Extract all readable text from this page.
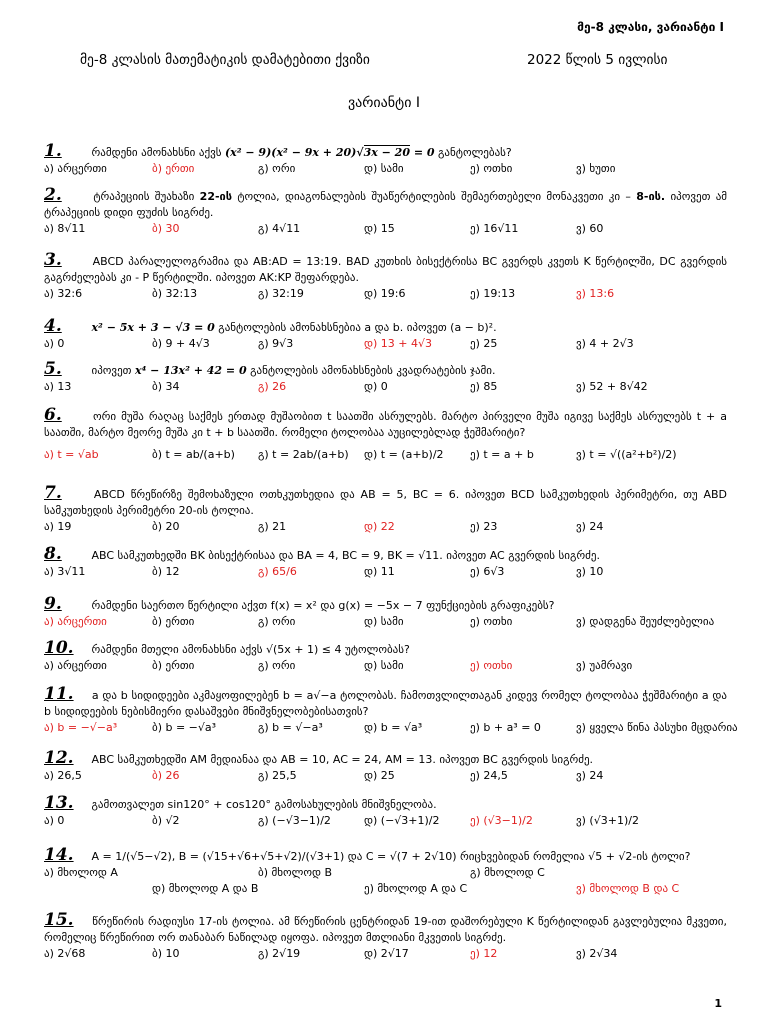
მე-8 კლასი, ვარიანტი I
მე-8 კლასის მათემატიკის დამატებითი ქვიზი	2022 წლის 5 ივლისი
ვარიანტი I
1.	რამდენი ამონახსნი აქვს (x² − 9)(x² − 9x + 20)√3x − 20 = 0 განტოლებას?
ა) არცერთი	ბ) ერთი	გ) ორი	დ) სამი	ე) ოთხი	ვ) ხუთი
2.	ტრაპეციის შუახაზი 22-ის ტოლია, დიაგონალების შუაწერტილების შემაერთებელი მონაკვეთი კი – 8-ის. იპოვეთ ამ ტრაპეციის დიდი ფუძის სიგრძე.
ა) 8√11	ბ) 30	გ) 4√11	დ) 15	ე) 16√11	ვ) 60
3.	ABCD პარალელოგრამია და AB:AD = 13:19. BAD კუთხის ბისექტრისა BC გვერდს კვეთს K წერტილში, DC გვერდის გაგრძელებას კი - P წერტილში. იპოვეთ AK:KP შეფარდება.
ა) 32:6	ბ) 32:13	გ) 32:19	დ) 19:6	ე) 19:13	ვ) 13:6
4.	x² − 5x + 3 − √3 = 0 განტოლების ამონახსნებია a და b. იპოვეთ (a − b)².
ა) 0	ბ) 9 + 4√3	გ) 9√3	დ) 13 + 4√3	ე) 25	ვ) 4 + 2√3
5.	იპოვეთ x⁴ − 13x² + 42 = 0 განტოლების ამონახსნების კვადრატების ჯამი.
ა) 13	ბ) 34	გ) 26	დ) 0	ე) 85	ვ) 52 + 8√42
6.	ორი მუშა რაღაც საქმეს ერთად მუშაობით t საათში ასრულებს. მარტო პირველი მუშა იგივე საქმეს ასრულებს t + a საათში, მარტო მეორე მუშა კი t + b საათში. რომელი ტოლობაა აუცილებლად ჭეშმარიტი?
ა) t = √ab	ბ) t = ab/(a+b) გ) t = 2ab/(a+b) დ) t = (a+b)/2 ე) t = a + b	ვ) t = √((a²+b²)/2)
7.	ABCD წრეწირზე შემოხაზული ოთხკუთხედია და AB = 5, BC = 6. იპოვეთ BCD სამკუთხედის პერიმეტრი, თუ ABD სამკუთხედის პერიმეტრი 20-ის ტოლია.
ა) 19	ბ) 20	გ) 21	დ) 22	ე) 23	ვ) 24
8.	ABC სამკუთხედში BK ბისექტრისაა და BA = 4, BC = 9, BK = √11. იპოვეთ AC გვერდის სიგრძე.
ა) 3√11	ბ) 12	გ) 65/6	დ) 11	ე) 6√3	ვ) 10
9.	რამდენი საერთო წერტილი აქვთ f(x) = x² და g(x) = −5x − 7 ფუნქციების გრაფიკებს?
ა) არცერთი	ბ) ერთი	გ) ორი	დ) სამი	ე) ოთხი	ვ) დადგენა შეუძლებელია
10. რამდენი მთელი ამონახსნი აქვს √(5x + 1) ≤ 4 უტოლობას?
ა) არცერთი	ბ) ერთი	გ) ორი	დ) სამი	ე) ოთხი	ვ) უამრავი
11. a და b სიდიდეები აკმაყოფილებენ b = a√−a ტოლობას. ჩამოთვლილთაგან კიდევ რომელ ტოლობაა ჭეშმარიტი a და b სიდიდეების ნებისმიერი დასაშვები მნიშვნელობებისათვის?
ა) b = −√−a³	ბ) b = −√a³	გ) b = √−a³	დ) b = √a³	ე) b + a³ = 0	ვ) ყველა წინა პასუხი მცდარია
12. ABC სამკუთხედში AM მედიანაა და AB = 10, AC = 24, AM = 13. იპოვეთ BC გვერდის სიგრძე.
ა) 26,5	ბ) 26	გ) 25,5	დ) 25	ე) 24,5	ვ) 24
13. გამოთვალეთ sin120° + cos120° გამოსახულების მნიშვნელობა.
ა) 0	ბ) √2	გ) (−√3−1)/2	დ) (−√3+1)/2	ე) (√3−1)/2	ვ) (√3+1)/2
14. A = 1/(√5−√2), B = (√15+√6+√5+√2)/(√3+1) და C = √(7 + 2√10) რიცხვებიდან რომელია √5 + √2-ის ტოლი?
ა) მხოლოდ A	ბ) მხოლოდ B	გ) მხოლოდ C
დ) მხოლოდ A და B	ე) მხოლოდ A და C	ვ) მხოლოდ B და C
15. წრეწირის რადიუსი 17-ის ტოლია. ამ წრეწირის ცენტრიდან 19-ით დაშორებული K წერტილიდან გავლებულია მკვეთი, რომელიც წრეწირით ორ თანაბარ ნაწილად იყოფა. იპოვეთ მთლიანი მკვეთის სიგრძე.
ა) 2√68	ბ) 10	გ) 2√19	დ) 2√17	ე) 12	ვ) 2√34
1
